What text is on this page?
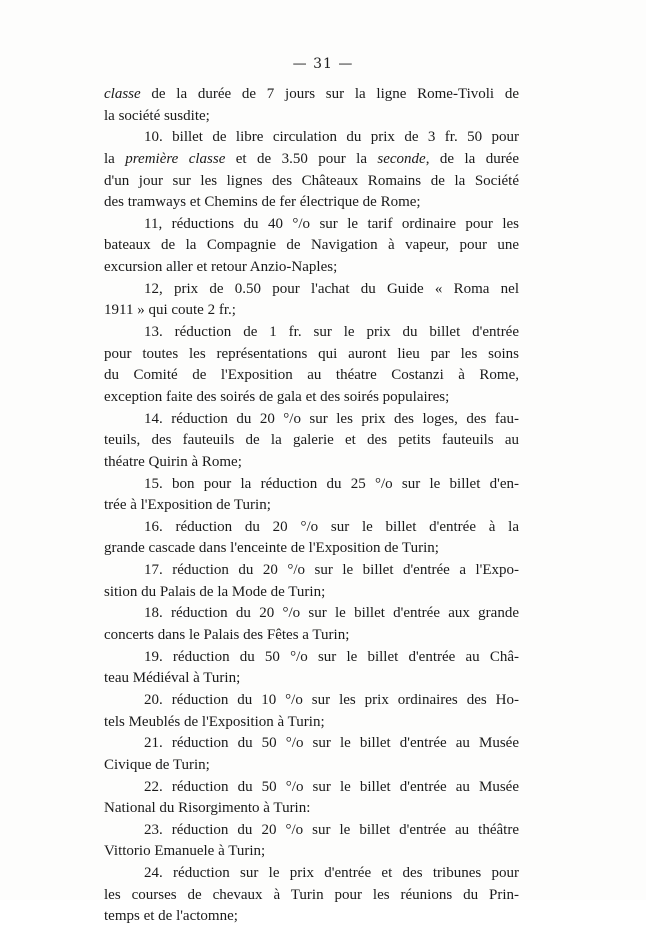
— 31 —
classe de la durée de 7 jours sur la ligne Rome-Tivoli de
la société susdite;
10. billet de libre circulation du prix de 3 fr. 50 pour
la première classe et de 3.50 pour la seconde, de la durée
d'un jour sur les lignes des Châteaux Romains de la Société
des tramways et Chemins de fer électrique de Rome;
11, réductions du 40 °/o sur le tarif ordinaire pour les
bateaux de la Compagnie de Navigation à vapeur, pour une
excursion aller et retour Anzio-Naples;
12, prix de 0.50 pour l'achat du Guide « Roma nel
1911 » qui coute 2 fr.;
13. réduction de 1 fr. sur le prix du billet d'entrée
pour toutes les représentations qui auront lieu par les soins
du Comité de l'Exposition au théatre Costanzi à Rome,
exception faite des soirés de gala et des soirés populaires;
14. réduction du 20 °/o sur les prix des loges, des fau-
teuils, des fauteuils de la galerie et des petits fauteuils au
théatre Quirin à Rome;
15. bon pour la réduction du 25 °/o sur le billet d'en-
trée à l'Exposition de Turin;
16. réduction du 20 °/o sur le billet d'entrée à la
grande cascade dans l'enceinte de l'Exposition de Turin;
17. réduction du 20 °/o sur le billet d'entrée a l'Expo-
sition du Palais de la Mode de Turin;
18. réduction du 20 °/o sur le billet d'entrée aux grande
concerts dans le Palais des Fêtes a Turin;
19. réduction du 50 °/o sur le billet d'entrée au Châ-
teau Médiéval à Turin;
20. réduction du 10 °/o sur les prix ordinaires des Ho-
tels Meublés de l'Exposition à Turin;
21. réduction du 50 °/o sur le billet d'entrée au Musée
Civique de Turin;
22. réduction du 50 °/o sur le billet d'entrée au Musée
National du Risorgimento à Turin:
23. réduction du 20 °/o sur le billet d'entrée au théâtre
Vittorio Emanuele à Turin;
24. réduction sur le prix d'entrée et des tribunes pour
les courses de chevaux à Turin pour les réunions du Prin-
temps et de l'actomne;
